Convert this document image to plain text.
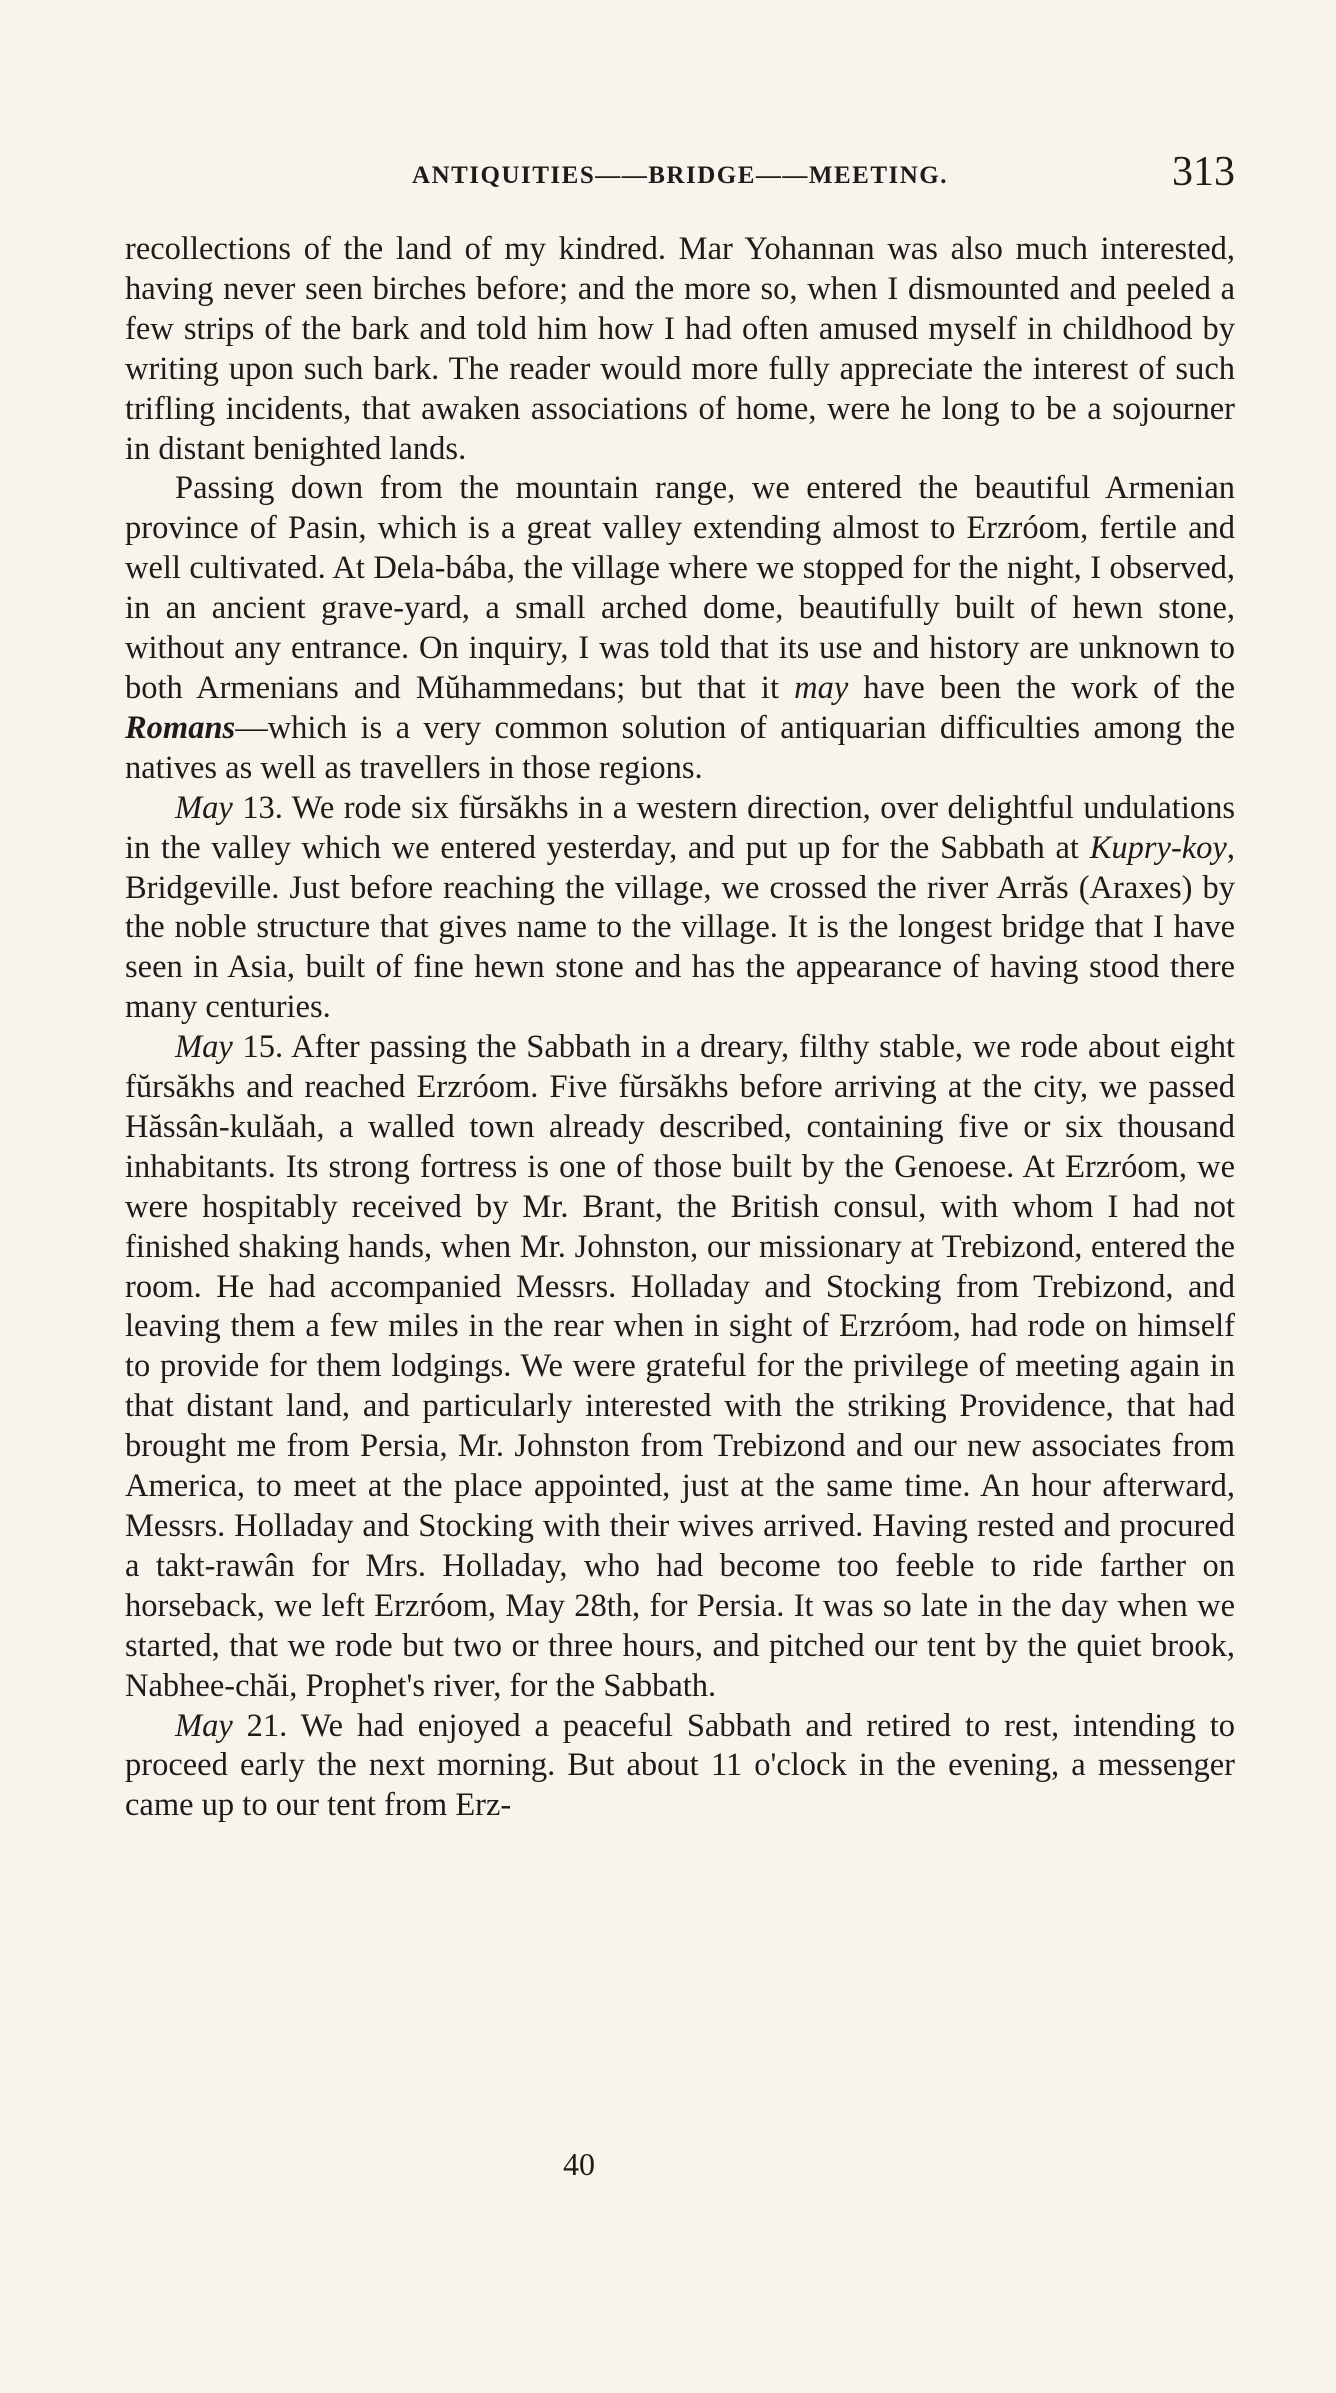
ANTIQUITIES——BRIDGE——MEETING.	313

recollections of the land of my kindred. Mar Yohannan was also much interested, having never seen birches before; and the more so, when I dismounted and peeled a few strips of the bark and told him how I had often amused myself in childhood by writing upon such bark. The reader would more fully appreciate the interest of such trifling incidents, that awaken associations of home, were he long to be a sojourner in distant benighted lands.

Passing down from the mountain range, we entered the beautiful Armenian province of Pasin, which is a great valley extending almost to Erzróom, fertile and well cultivated. At Dela-bába, the village where we stopped for the night, I observed, in an ancient grave-yard, a small arched dome, beautifully built of hewn stone, without any entrance. On inquiry, I was told that its use and history are unknown to both Armenians and Mŭhammedans; but that it may have been the work of the Romans—which is a very common solution of antiquarian difficulties among the natives as well as travellers in those regions.

May 13. We rode six fŭrsăkhs in a western direction, over delightful undulations in the valley which we entered yesterday, and put up for the Sabbath at Kupry-koy, Bridgeville. Just before reaching the village, we crossed the river Arrăs (Araxes) by the noble structure that gives name to the village. It is the longest bridge that I have seen in Asia, built of fine hewn stone and has the appearance of having stood there many centuries.

May 15. After passing the Sabbath in a dreary, filthy stable, we rode about eight fŭrsăkhs and reached Erzróom. Five fŭrsăkhs before arriving at the city, we passed Hăssân-kulăah, a walled town already described, containing five or six thousand inhabitants. Its strong fortress is one of those built by the Genoese. At Erzróom, we were hospitably received by Mr. Brant, the British consul, with whom I had not finished shaking hands, when Mr. Johnston, our missionary at Trebizond, entered the room. He had accompanied Messrs. Holladay and Stocking from Trebizond, and leaving them a few miles in the rear when in sight of Erzróom, had rode on himself to provide for them lodgings. We were grateful for the privilege of meeting again in that distant land, and particularly interested with the striking Providence, that had brought me from Persia, Mr. Johnston from Trebizond and our new associates from America, to meet at the place appointed, just at the same time. An hour afterward, Messrs. Holladay and Stocking with their wives arrived. Having rested and procured a takt-rawân for Mrs. Holladay, who had become too feeble to ride farther on horseback, we left Erzróom, May 28th, for Persia. It was so late in the day when we started, that we rode but two or three hours, and pitched our tent by the quiet brook, Nabhee-chăi, Prophet's river, for the Sabbath.

May 21. We had enjoyed a peaceful Sabbath and retired to rest, intending to proceed early the next morning. But about 11 o'clock in the evening, a messenger came up to our tent from Erz-

40
